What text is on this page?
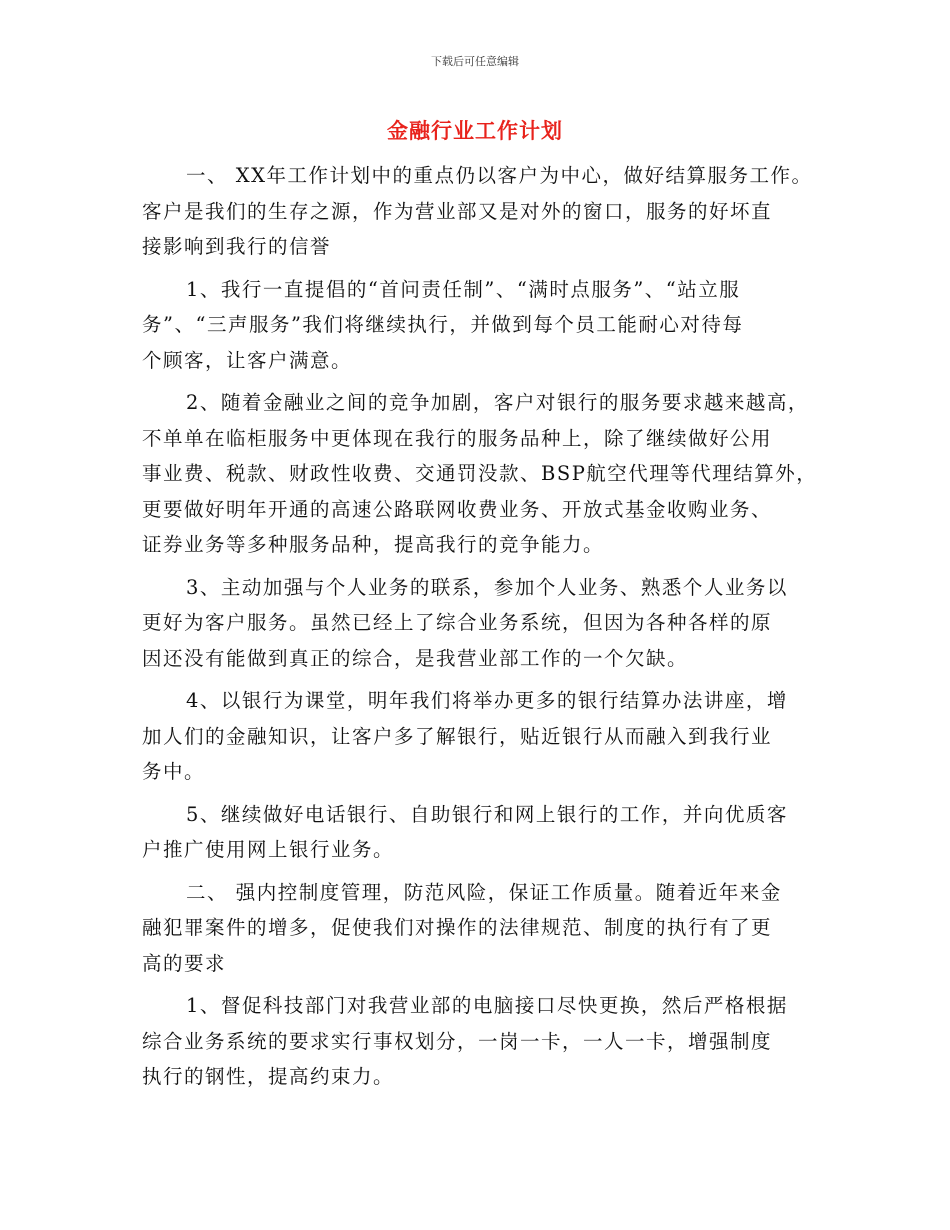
下载后可任意编辑
金融行业工作计划

一、 XX年工作计划中的重点仍以客户为中心，做好结算服务工作。
客户是我们的生存之源，作为营业部又是对外的窗口，服务的好坏直
接影响到我行的信誉

1、我行一直提倡的“首问责任制”、“满时点服务”、“站立服
务”、“三声服务”我们将继续执行，并做到每个员工能耐心对待每
个顾客，让客户满意。

2、随着金融业之间的竞争加剧，客户对银行的服务要求越来越高，
不单单在临柜服务中更体现在我行的服务品种上，除了继续做好公用
事业费、税款、财政性收费、交通罚没款、BSP航空代理等代理结算外，
更要做好明年开通的高速公路联网收费业务、开放式基金收购业务、
证券业务等多种服务品种，提高我行的竞争能力。

3、主动加强与个人业务的联系，参加个人业务、熟悉个人业务以
更好为客户服务。虽然已经上了综合业务系统，但因为各种各样的原
因还没有能做到真正的综合，是我营业部工作的一个欠缺。

4、以银行为课堂，明年我们将举办更多的银行结算办法讲座，增
加人们的金融知识，让客户多了解银行，贴近银行从而融入到我行业
务中。

5、继续做好电话银行、自助银行和网上银行的工作，并向优质客
户推广使用网上银行业务。

二、 强内控制度管理，防范风险，保证工作质量。随着近年来金
融犯罪案件的增多，促使我们对操作的法律规范、制度的执行有了更
高的要求

1、督促科技部门对我营业部的电脑接口尽快更换，然后严格根据
综合业务系统的要求实行事权划分，一岗一卡，一人一卡，增强制度
执行的钢性，提高约束力。
